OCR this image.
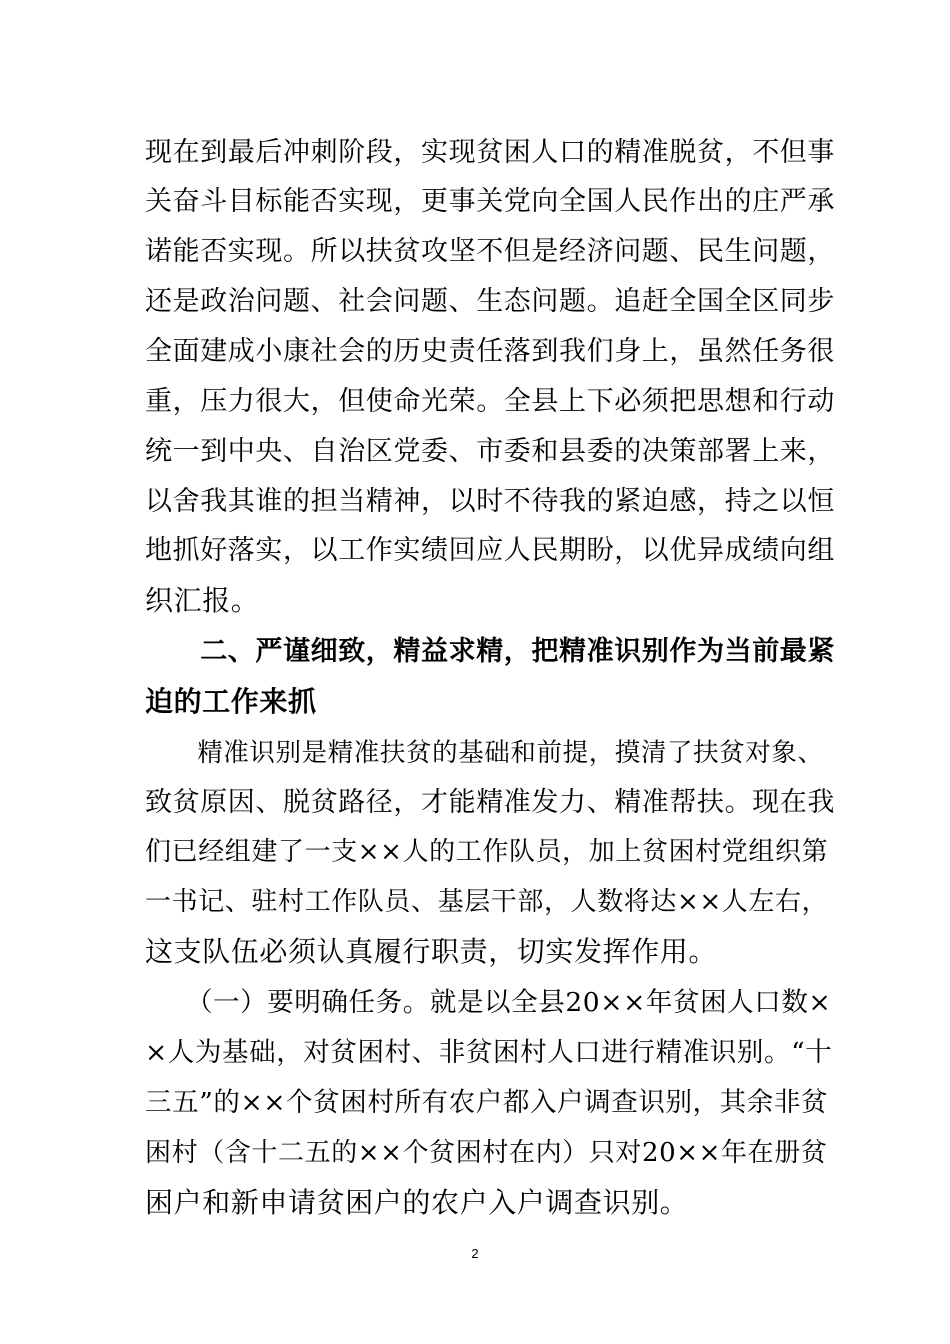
现在到最后冲刺阶段，实现贫困人口的精准脱贫，不但事
关奋斗目标能否实现，更事关党向全国人民作出的庄严承
诺能否实现。所以扶贫攻坚不但是经济问题、民生问题，
还是政治问题、社会问题、生态问题。追赶全国全区同步
全面建成小康社会的历史责任落到我们身上，虽然任务很
重，压力很大，但使命光荣。全县上下必须把思想和行动
统一到中央、自治区党委、市委和县委的决策部署上来，
以舍我其谁的担当精神，以时不待我的紧迫感，持之以恒
地抓好落实，以工作实绩回应人民期盼，以优异成绩向组
织汇报。
　　二、严谨细致，精益求精，把精准识别作为当前最紧
迫的工作来抓
　　精准识别是精准扶贫的基础和前提，摸清了扶贫对象、
致贫原因、脱贫路径，才能精准发力、精准帮扶。现在我
们已经组建了一支××人的工作队员，加上贫困村党组织第
一书记、驻村工作队员、基层干部，人数将达××人左右，
这支队伍必须认真履行职责，切实发挥作用。
　　（一）要明确任务。就是以全县20××年贫困人口数×
×人为基础，对贫困村、非贫困村人口进行精准识别。“十
三五”的××个贫困村所有农户都入户调查识别，其余非贫
困村（含十二五的××个贫困村在内）只对20××年在册贫
困户和新申请贫困户的农户入户调查识别。
2
